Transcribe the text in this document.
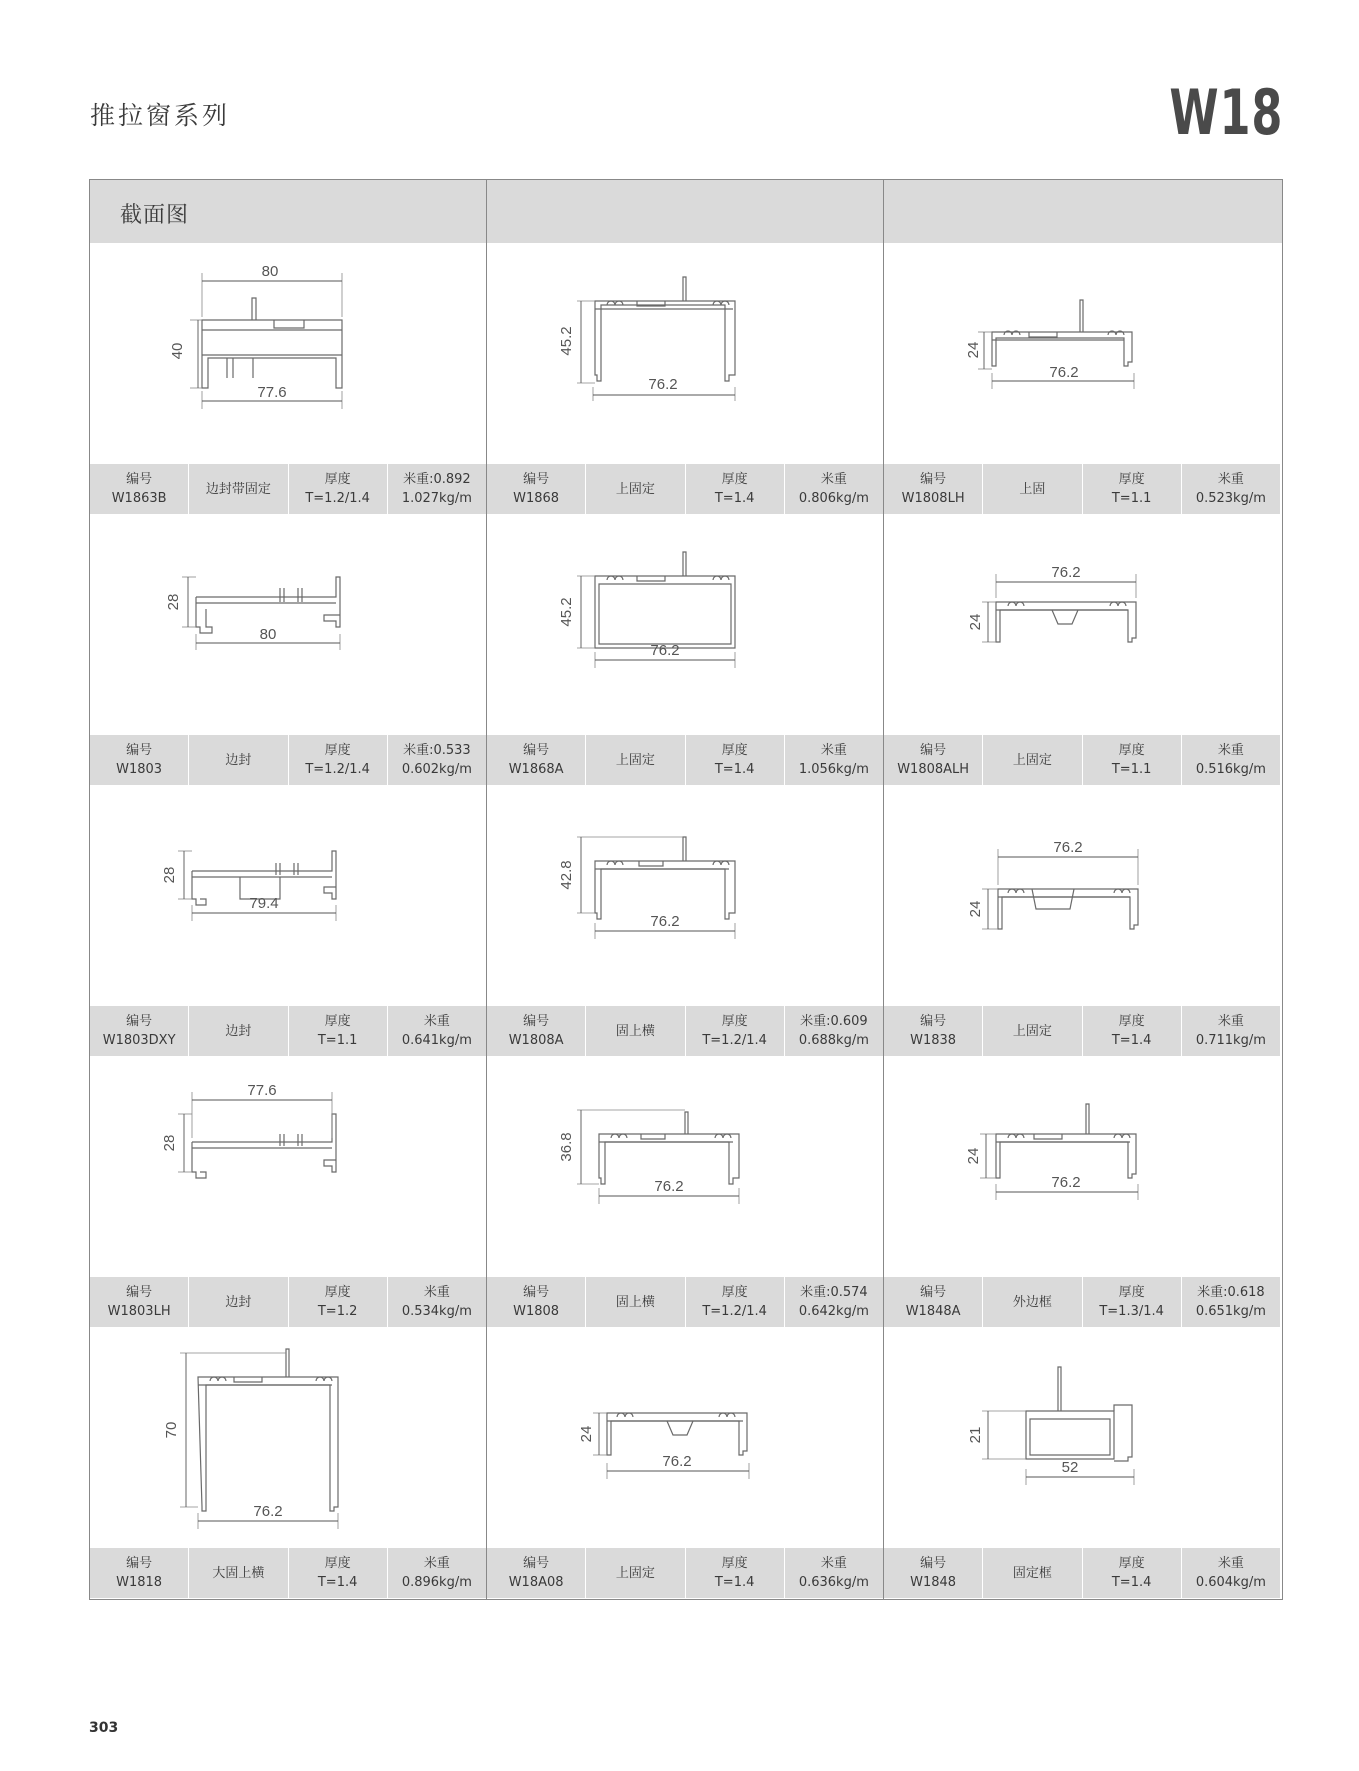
推拉窗系列	W18
截面图
80
40
77.6
编号
W1863B
边封带固定
厚度
T=1.2/1.4
米重:0.892
1.027kg/m
45.2
76.2
编号
W1868
上固定
厚度
T=1.4
米重
0.806kg/m
24
76.2
编号
W1808LH
上固
厚度
T=1.1
米重
0.523kg/m
28
80
编号
W1803
边封
厚度
T=1.2/1.4
米重:0.533
0.602kg/m
45.2
76.2
编号
W1868A
上固定
厚度
T=1.4
米重
1.056kg/m
76.2
24
编号
W1808ALH
上固定
厚度
T=1.1
米重
0.516kg/m
28
79.4
编号
W1803DXY
边封
厚度
T=1.1
米重
0.641kg/m
42.8
76.2
编号
W1808A
固上横
厚度
T=1.2/1.4
米重:0.609
0.688kg/m
76.2
24
编号
W1838
上固定
厚度
T=1.4
米重
0.711kg/m
77.6
28
编号
W1803LH
边封
厚度
T=1.2
米重
0.534kg/m
36.8
76.2
编号
W1808
固上横
厚度
T=1.2/1.4
米重:0.574
0.642kg/m
24
76.2
编号
W1848A
外边框
厚度
T=1.3/1.4
米重:0.618
0.651kg/m
70
76.2
编号
W1818
大固上横
厚度
T=1.4
米重
0.896kg/m
24
76.2
编号
W18A08
上固定
厚度
T=1.4
米重
0.636kg/m
21
52
编号
W1848
固定框
厚度
T=1.4
米重
0.604kg/m
303
